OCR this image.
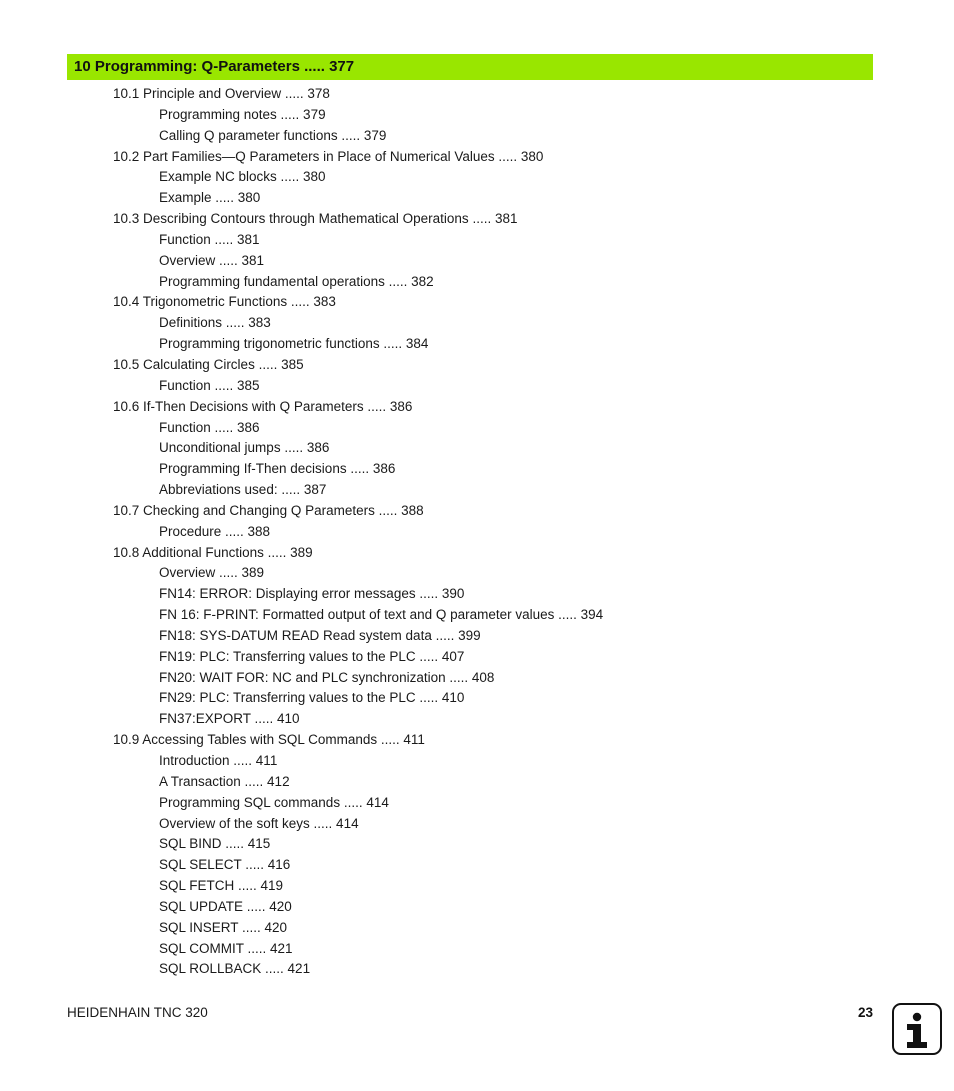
10 Programming: Q-Parameters ..... 377
10.1 Principle and Overview ..... 378
Programming notes ..... 379
Calling Q parameter functions ..... 379
10.2 Part Families—Q Parameters in Place of Numerical Values ..... 380
Example NC blocks ..... 380
Example ..... 380
10.3 Describing Contours through Mathematical Operations ..... 381
Function ..... 381
Overview ..... 381
Programming fundamental operations ..... 382
10.4 Trigonometric Functions ..... 383
Definitions ..... 383
Programming trigonometric functions ..... 384
10.5 Calculating Circles ..... 385
Function ..... 385
10.6 If-Then Decisions with Q Parameters ..... 386
Function ..... 386
Unconditional jumps ..... 386
Programming If-Then decisions ..... 386
Abbreviations used: ..... 387
10.7 Checking and Changing Q Parameters ..... 388
Procedure ..... 388
10.8 Additional Functions ..... 389
Overview ..... 389
FN14: ERROR: Displaying error messages ..... 390
FN 16: F-PRINT: Formatted output of text and Q parameter values ..... 394
FN18: SYS-DATUM READ Read system data ..... 399
FN19: PLC: Transferring values to the PLC ..... 407
FN20: WAIT FOR: NC and PLC synchronization ..... 408
FN29: PLC: Transferring values to the PLC ..... 410
FN37:EXPORT ..... 410
10.9 Accessing Tables with SQL Commands ..... 411
Introduction ..... 411
A Transaction ..... 412
Programming SQL commands ..... 414
Overview of the soft keys ..... 414
SQL BIND ..... 415
SQL SELECT ..... 416
SQL FETCH ..... 419
SQL UPDATE ..... 420
SQL INSERT ..... 420
SQL COMMIT ..... 421
SQL ROLLBACK ..... 421
HEIDENHAIN TNC 320	23
